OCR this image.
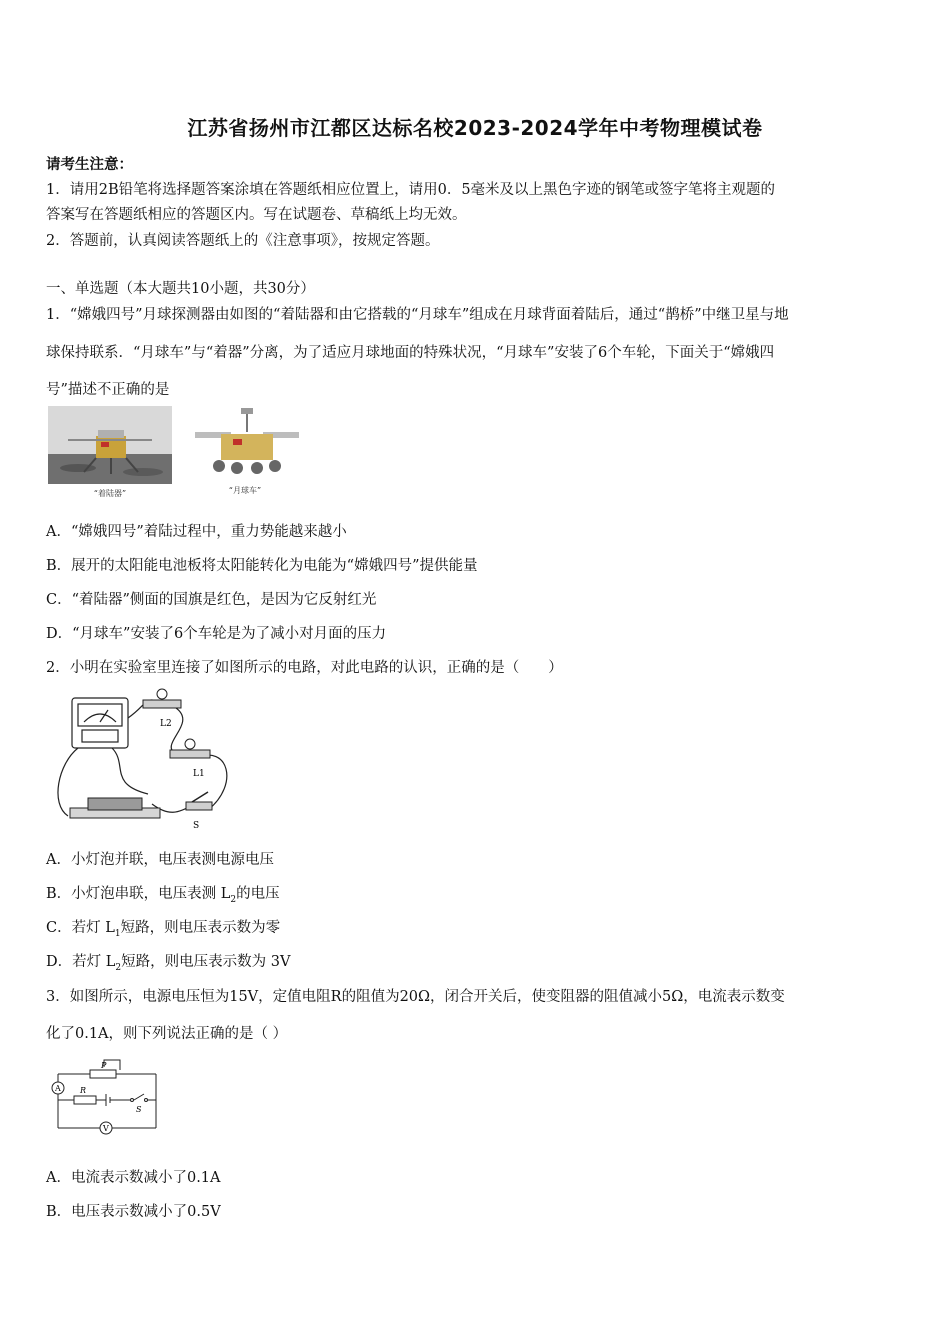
江苏省扬州市江都区达标名校2023-2024学年中考物理模试卷
请考生注意：
1．请用2B铅笔将选择题答案涂填在答题纸相应位置上，请用0．5毫米及以上黑色字迹的钢笔或签字笔将主观题的
答案写在答题纸相应的答题区内。写在试题卷、草稿纸上均无效。
2．答题前，认真阅读答题纸上的《注意事项》，按规定答题。
一、单选题（本大题共10小题，共30分）
1．“嫦娥四号”月球探测器由如图的“着陆器和由它搭载的“月球车”组成在月球背面着陆后，通过“鹊桥”中继卫星与地
球保持联系．“月球车”与“着器”分离，为了适应月球地面的特殊状况，“月球车”安装了6个车轮，下面关于“嫦娥四
号”描述不正确的是
“着陆器”	“月球车”
A．“嫦娥四号”着陆过程中，重力势能越来越小
B．展开的太阳能电池板将太阳能转化为电能为“嫦娥四号”提供能量
C．“着陆器”侧面的国旗是红色，是因为它反射红光
D．“月球车”安装了6个车轮是为了减小对月面的压力
2．小明在实验室里连接了如图所示的电路，对此电路的认识，正确的是（　　）
L2
L1
S
A．小灯泡并联，电压表测电源电压
B．小灯泡串联，电压表测 $L_2$的电压
C．若灯 $L_1$短路，则电压表示数为零
D．若灯 $L_2$短路，则电压表示数为 3V
3．如图所示，电源电压恒为15V，定值电阻R的阻值为20Ω，闭合开关后，使变阻器的阻值减小5Ω，电流表示数变
化了0.1A，则下列说法正确的是（ ）
P
A R
S
V
A．电流表示数减小了0.1A
B．电压表示数减小了0.5V
